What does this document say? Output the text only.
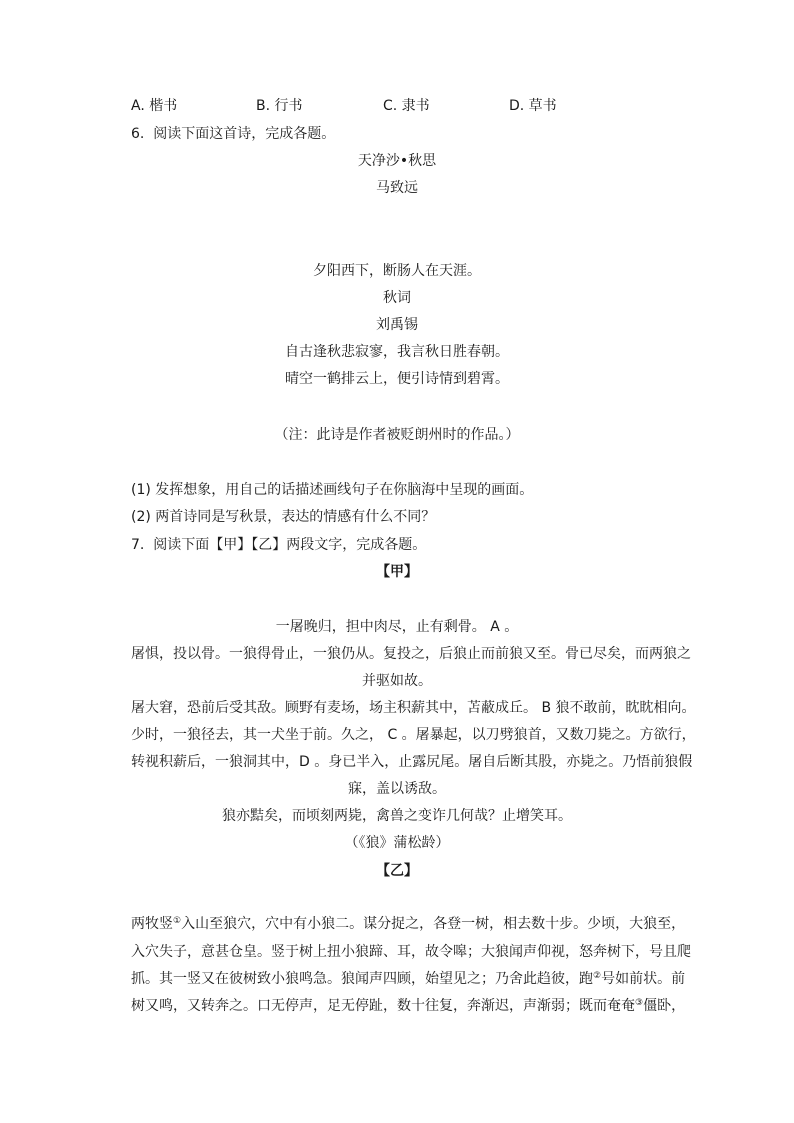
A. 楷书	B. 行书	C. 隶书	D. 草书
6.  阅读下面这首诗，完成各题。
天净沙•秋思
马致远
夕阳西下，断肠人在天涯。
秋词
刘禹锡
自古逢秋悲寂寥，我言秋日胜春朝。
晴空一鹤排云上，便引诗情到碧霄。
（注：此诗是作者被贬朗州时的作品。）
(1) 发挥想象，用自己的话描述画线句子在你脑海中呈现的画面。
(2) 两首诗同是写秋景，表达的情感有什么不同？
7.  阅读下面【甲】【乙】两段文字，完成各题。
【甲】
一屠晚归，担中肉尽，止有剩骨。 A 。
屠惧，投以骨。一狼得骨止，一狼仍从。复投之，后狼止而前狼又至。骨已尽矣，而两狼之
并驱如故。
屠大窘，恐前后受其敌。顾野有麦场，场主积薪其中，苫蔽成丘。 B 狼不敢前，眈眈相向。
少时，一狼径去，其一犬坐于前。久之， C 。屠暴起，以刀劈狼首，又数刀毙之。方欲行，
转视积薪后，一狼洞其中，D 。身已半入，止露尻尾。屠自后断其股，亦毙之。乃悟前狼假
寐，盖以诱敌。
狼亦黠矣，而顷刻两毙，禽兽之变诈几何哉？止增笑耳。
（《狼》蒲松龄）
【乙】
两牧竖①入山至狼穴，穴中有小狼二。谋分捉之，各登一树，相去数十步。少顷，大狼至，
入穴失子，意甚仓皇。竖于树上扭小狼蹄、耳，故令嗥；大狼闻声仰视，怒奔树下，号且爬
抓。其一竖又在彼树致小狼鸣急。狼闻声四顾，始望见之；乃舍此趋彼，跑②号如前状。前
树又鸣，又转奔之。口无停声，足无停趾，数十往复，奔渐迟，声渐弱；既而奄奄③僵卧，
